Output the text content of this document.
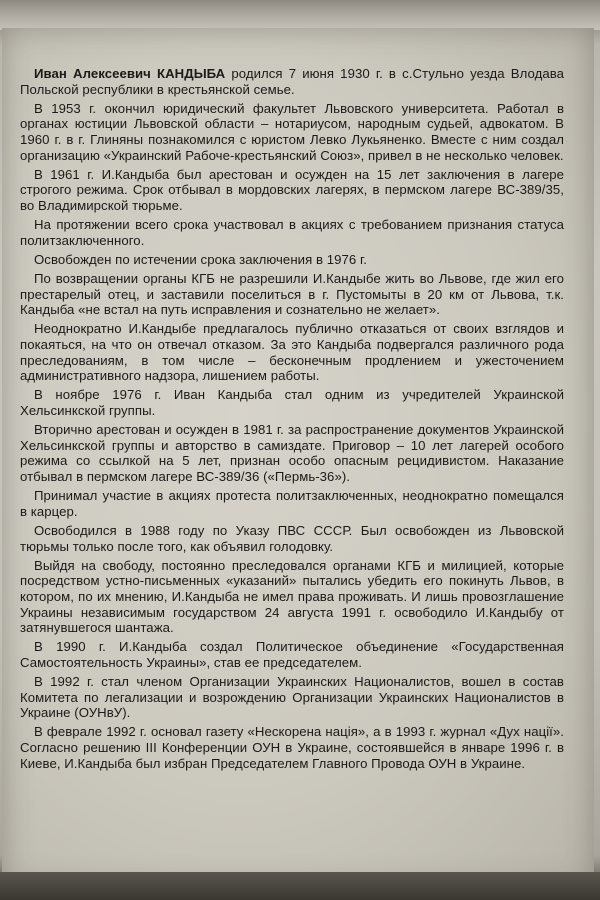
Иван Алексеевич КАНДЫБА родился 7 июня 1930 г. в с.Стульно уезда Влодава Польской республики в крестьянской семье.

В 1953 г. окончил юридический факультет Львовского университета. Работал в органах юстиции Львовской области – нотариусом, народным судьей, адвокатом. В 1960 г. в г. Глиняны познакомился с юристом Левко Лукьяненко. Вместе с ним создал организацию «Украинский Рабоче-крестьянский Союз», привел в не несколько человек.

В 1961 г. И.Кандыба был арестован и осужден на 15 лет заключения в лагере строгого режима. Срок отбывал в мордовских лагерях, в пермском лагере ВС-389/35, во Владимирской тюрьме.

На протяжении всего срока участвовал в акциях с требованием признания статуса политзаключенного.

Освобожден по истечении срока заключения в 1976 г.

По возвращении органы КГБ не разрешили И.Кандыбе жить во Львове, где жил его престарелый отец, и заставили поселиться в г. Пустомыты в 20 км от Львова, т.к. Кандыба «не встал на путь исправления и сознательно не желает».

Неоднократно И.Кандыбе предлагалось публично отказаться от своих взглядов и покаяться, на что он отвечал отказом. За это Кандыба подвергался различного рода преследованиям, в том числе – бесконечным продлением и ужесточением административного надзора, лишением работы.

В ноябре 1976 г. Иван Кандыба стал одним из учредителей Украинской Хельсинкской группы.

Вторично арестован и осужден в 1981 г. за распространение документов Украинской Хельсинкской группы и авторство в самиздате. Приговор – 10 лет лагерей особого режима со ссылкой на 5 лет, признан особо опасным рецидивистом. Наказание отбывал в пермском лагере ВС-389/36 («Пермь-36»).

Принимал участие в акциях протеста политзаключенных, неоднократно помещался в карцер.

Освободился в 1988 году по Указу ПВС СССР. Был освобожден из Львовской тюрьмы только после того, как объявил голодовку.

Выйдя на свободу, постоянно преследовался органами КГБ и милицией, которые посредством устно-письменных «указаний» пытались убедить его покинуть Львов, в котором, по их мнению, И.Кандыба не имел права проживать. И лишь провозглашение Украины независимым государством 24 августа 1991 г. освободило И.Кандыбу от затянувшегося шантажа.

В 1990 г. И.Кандыба создал Политическое объединение «Государственная Самостоятельность Украины», став ее председателем.

В 1992 г. стал членом Организации Украинских Националистов, вошел в состав Комитета по легализации и возрождению Организации Украинских Националистов в Украине (ОУНвУ).

В феврале 1992 г. основал газету «Нескорена нація», а в 1993 г. журнал «Дух нації». Согласно решению III Конференции ОУН в Украине, состоявшейся в январе 1996 г. в Киеве, И.Кандыба был избран Председателем Главного Провода ОУН в Украине.
